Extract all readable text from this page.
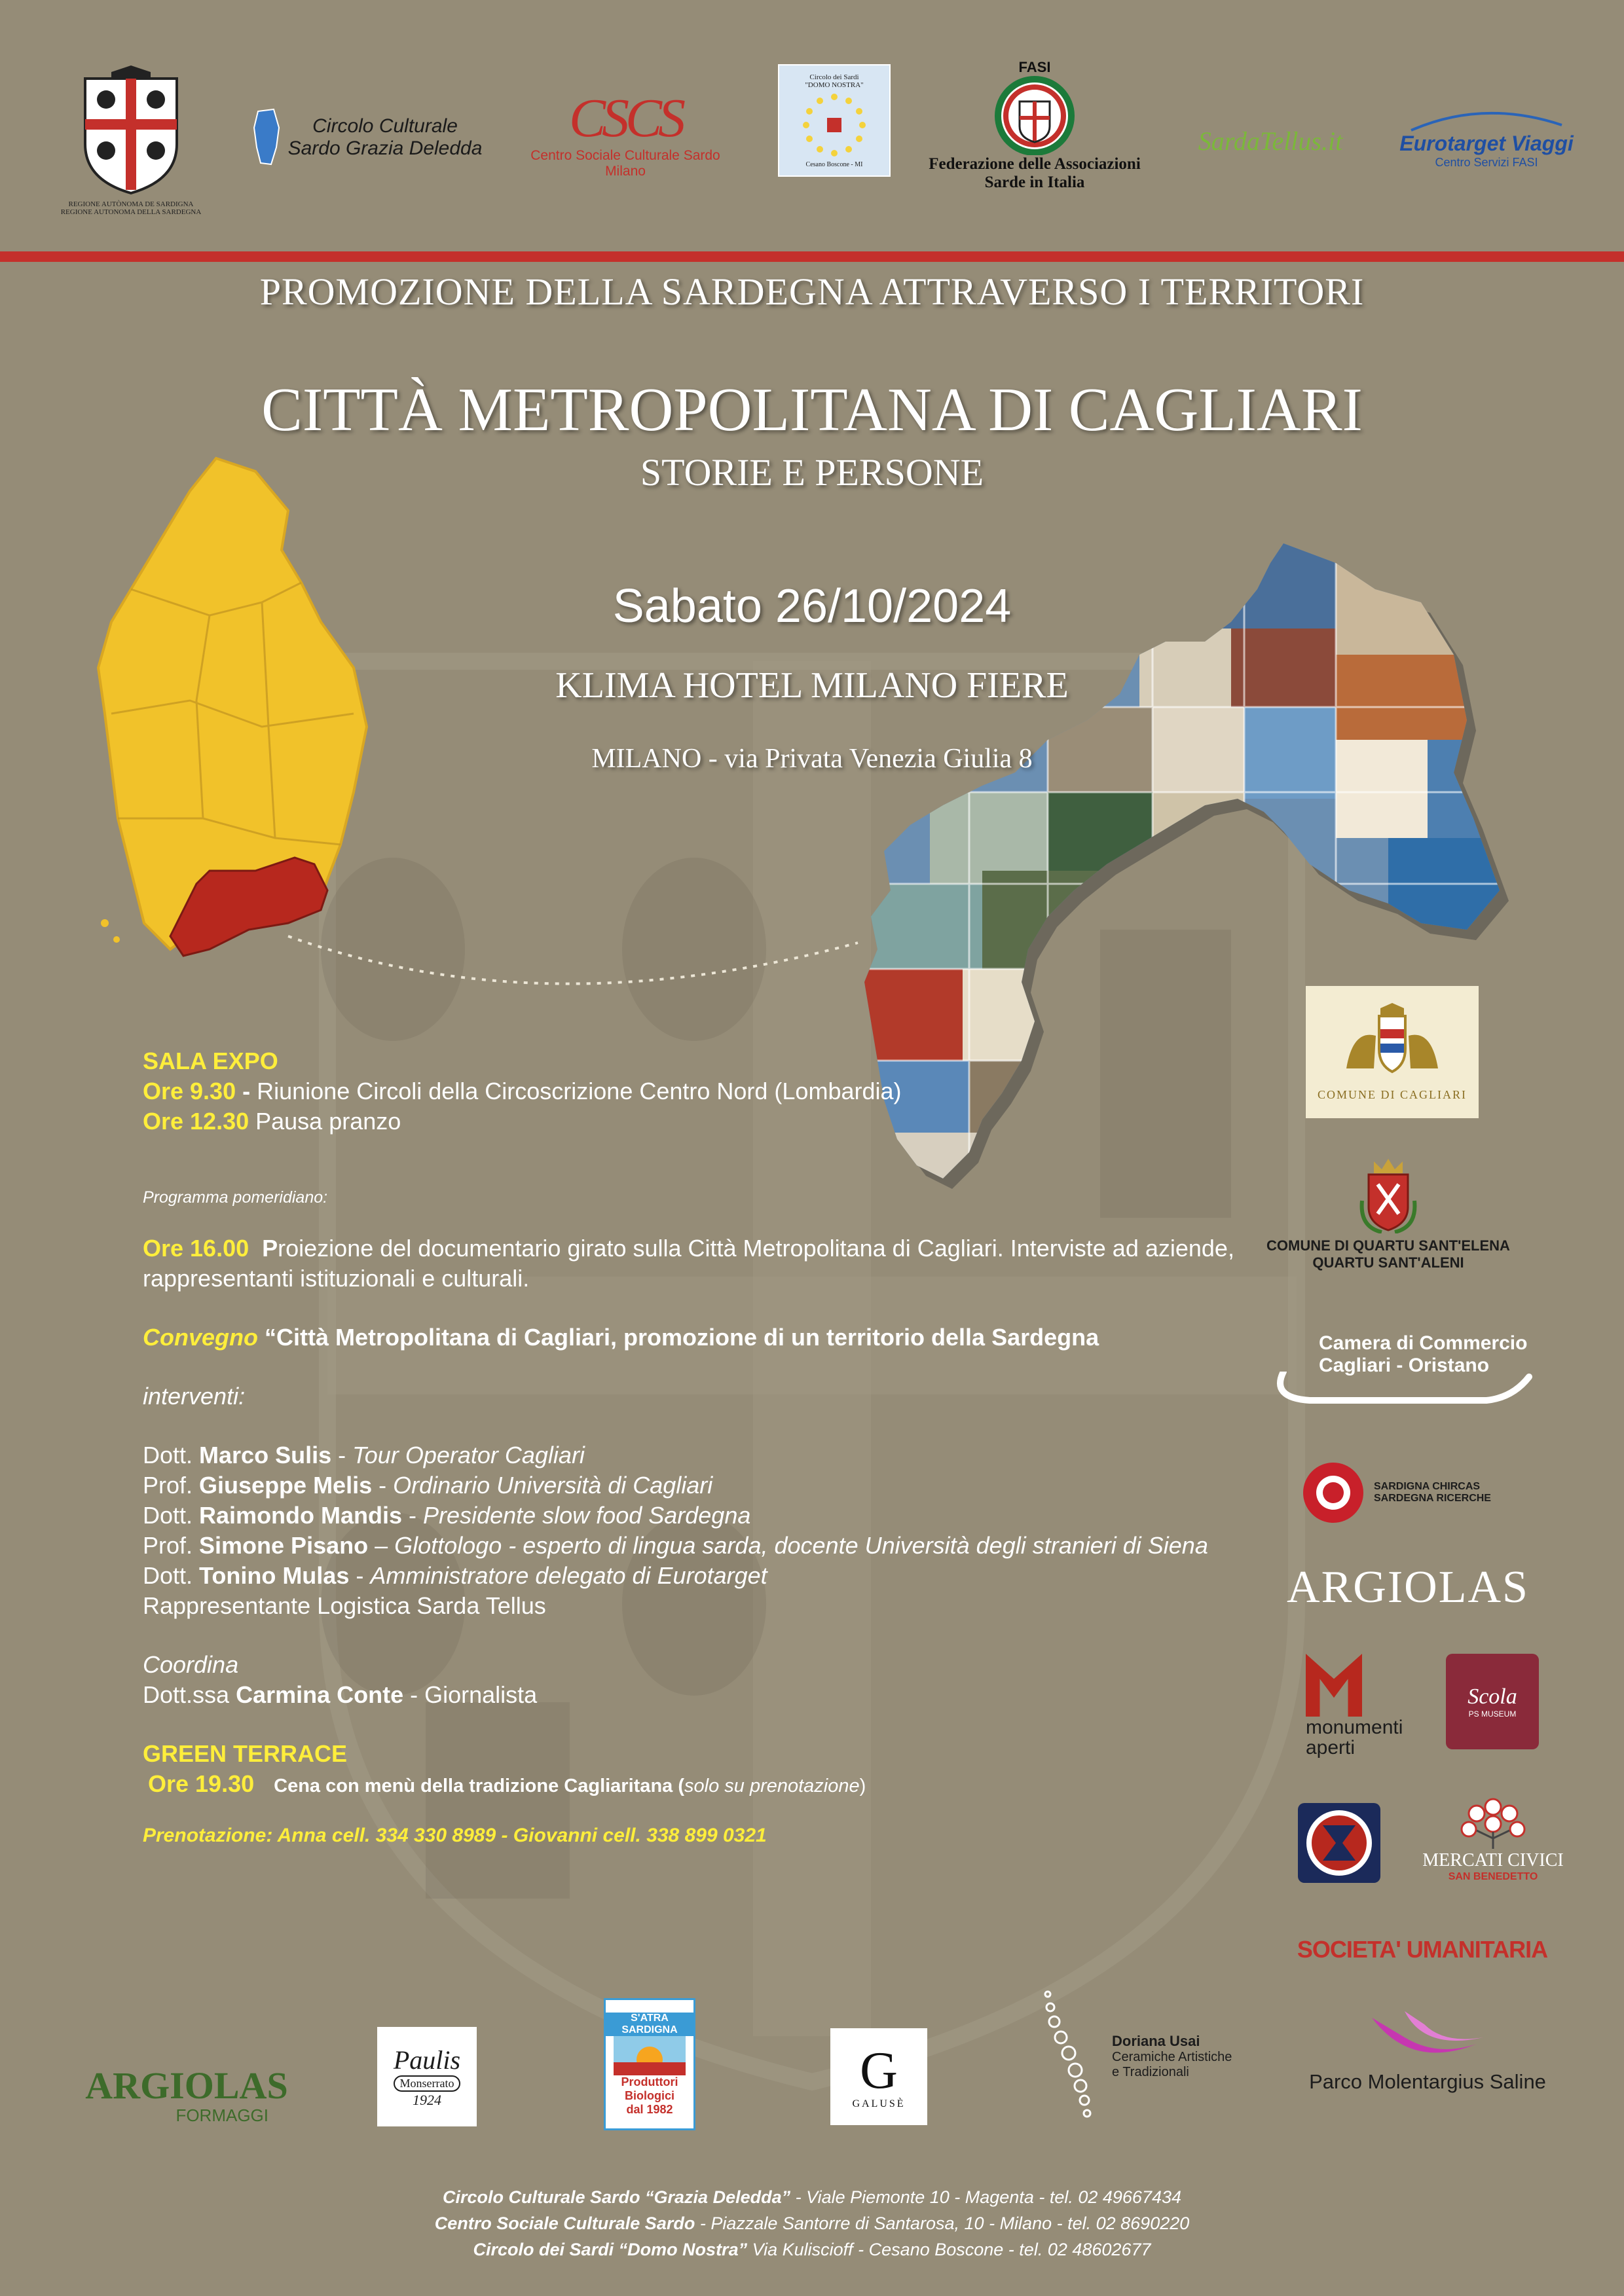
REGIONE AUTÒNOMA DE SARDIGNA
REGIONE AUTONOMA DELLA SARDEGNA
Circolo Culturale
Sardo Grazia Deledda CSCS
Centro Sociale Culturale Sardo
Milano
Circolo dei Sardi
"DOMO NOSTRA"
Cesano Boscone - MI
FASI
Federazione delle Associazioni
Sarde in Italia
SardaTellus.it	Eurotarget Viaggi
Centro Servizi FASI
PROMOZIONE DELLA SARDEGNA ATTRAVERSO I TERRITORI
CITTÀ METROPOLITANA DI CAGLIARI
STORIE E PERSONE
Sabato 26/10/2024
KLIMA HOTEL MILANO FIERE
MILANO - via Privata Venezia Giulia 8
SALA EXPO
Ore 9.30 - Riunione Circoli della Circoscrizione Centro Nord (Lombardia)
Ore 12.30 Pausa pranzo
Programma pomeridiano:
Ore 16.00 Proiezione del documentario girato sulla Città Metropolitana di Cagliari. Interviste ad aziende, rappresentanti istituzionali e culturali.
Convegno “Città Metropolitana di Cagliari, promozione di un territorio della Sardegna
interventi:
Dott. Marco Sulis - Tour Operator Cagliari
Prof. Giuseppe Melis - Ordinario Università di Cagliari
Dott. Raimondo Mandis - Presidente slow food Sardegna
Prof. Simone Pisano – Glottologo - esperto di lingua sarda, docente Università degli stranieri di Siena
Dott. Tonino Mulas - Amministratore delegato di Eurotarget
Rappresentante Logistica Sarda Tellus
Coordina
Dott.ssa Carmina Conte - Giornalista
GREEN TERRACE
Ore 19.30 Cena con menù della tradizione Cagliaritana (solo su prenotazione)
Prenotazione: Anna cell. 334 330 8989 - Giovanni cell. 338 899 0321
COMUNE DI CAGLIARI
COMUNE DI QUARTU SANT'ELENA
QUARTU SANT'ALENI
Camera di Commercio
Cagliari - Oristano
SARDIGNA CHIRCAS
SARDEGNA RICERCHE
ARGIOLAS
monumenti
aperti
Scola
PS MUSEUM
MERCATI CIVICI
SAN BENEDETTO
SOCIETA' UMANITARIA
Parco Molentargius Saline
ARGIOLAS
FORMAGGI
Paulis
Monserrato
1924
S'ATRA
SARDIGNA
Produttori
Biologici
dal 1982
G
GALUSÈ
Doriana Usai
Ceramiche Artistiche
e Tradizionali
Circolo Culturale Sardo “Grazia Deledda” - Viale Piemonte 10 - Magenta - tel. 02 49667434
Centro Sociale Culturale Sardo - Piazzale Santorre di Santarosa, 10 - Milano - tel. 02 8690220
Circolo dei Sardi “Domo Nostra” Via Kuliscioff - Cesano Boscone - tel. 02 48602677
